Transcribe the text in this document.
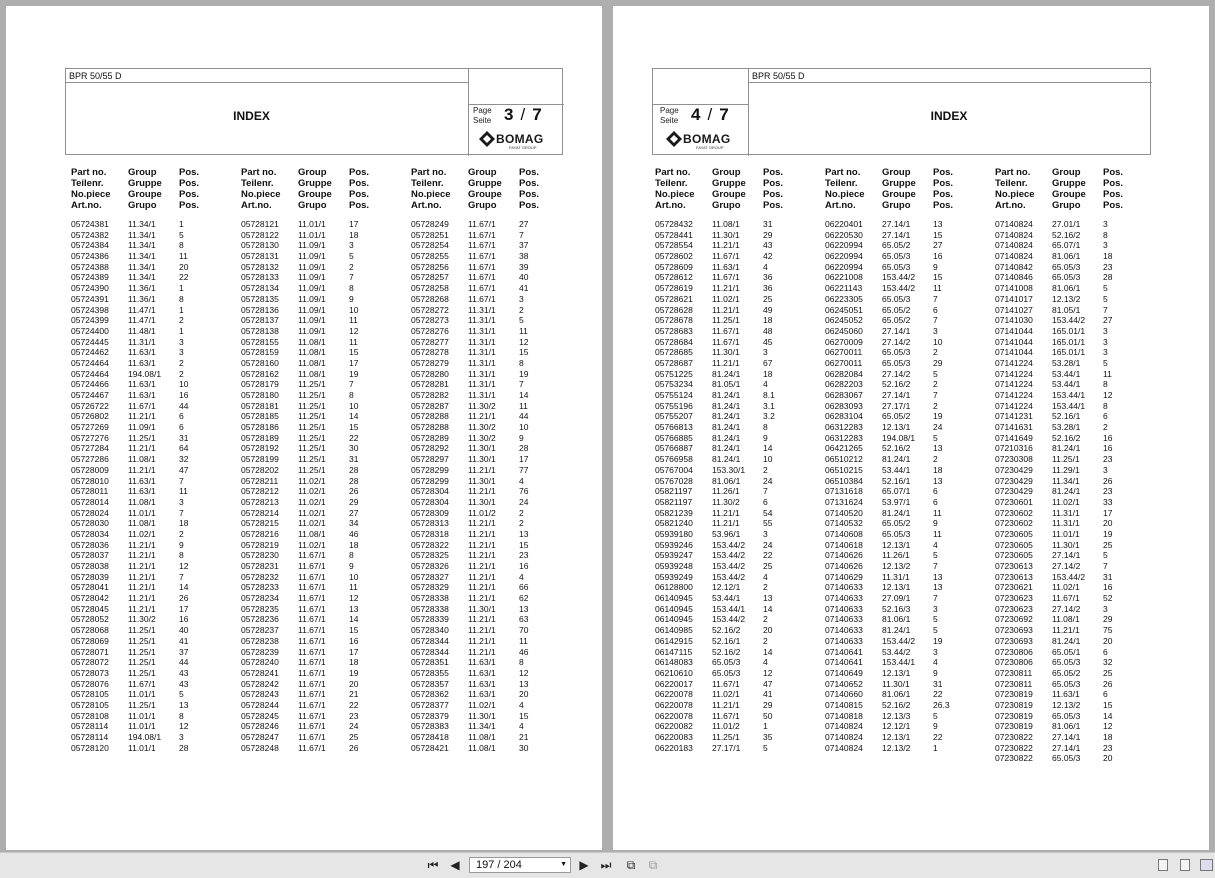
BPR 50/55 D
INDEX	Page
Seite 3 / 7
BOMAG
FAYAT GROUP
Part no.	Group	Pos.
Teilenr.	Gruppe	Pos.
No.piece	Groupe	Pos.
Art.no.	Grupo	Pos.
05724381	11.34/1	1
05724382	11.34/1	5
05724384	11.34/1	8
05724386	11.34/1	11
05724388	11.34/1	20
05724389	11.34/1	22
05724390	11.36/1	1
05724391	11.36/1	8
05724398	11.47/1	1
05724399	11.47/1	2
05724400	11.48/1	1
05724445	11.31/1	3
05724462	11.63/1	3
05724464	11.63/1	2
05724464	194.08/1	2
05724466	11.63/1	10
05724467	11.63/1	16
05726722	11.67/1	44
05726802	11.21/1	6
05727269	11.09/1	6
05727276	11.25/1	31
05727284	11.21/1	64
05727286	11.08/1	32
05728009	11.21/1	47
05728010	11.63/1	7
05728011	11.63/1	11
05728014	11.08/1	3
05728024	11.01/1	7
05728030	11.08/1	18
05728034	11.02/1	2
05728036	11.21/1	9
05728037	11.21/1	8
05728038	11.21/1	12
05728039	11.21/1	7
05728041	11.21/1	14
05728042	11.21/1	26
05728045	11.21/1	17
05728052	11.30/2	16
05728068	11.25/1	40
05728069	11.25/1	41
05728071	11.25/1	37
05728072	11.25/1	44
05728073	11.25/1	43
05728076	11.67/1	43
05728105	11.01/1	5
05728105	11.25/1	13
05728108	11.01/1	8
05728114	11.01/1	12
05728114	194.08/1	3
05728120	11.01/1	28
Part no.	Group	Pos.
Teilenr.	Gruppe	Pos.
No.piece	Groupe	Pos.
Art.no.	Grupo	Pos.
05728121	11.01/1	17
05728122	11.01/1	18
05728130	11.09/1	3
05728131	11.09/1	5
05728132	11.09/1	2
05728133	11.09/1	7
05728134	11.09/1	8
05728135	11.09/1	9
05728136	11.09/1	10
05728137	11.09/1	11
05728138	11.09/1	12
05728155	11.08/1	11
05728159	11.08/1	15
05728160	11.08/1	17
05728162	11.08/1	19
05728179	11.25/1	7
05728180	11.25/1	8
05728181	11.25/1	10
05728185	11.25/1	14
05728186	11.25/1	15
05728189	11.25/1	22
05728192	11.25/1	30
05728199	11.25/1	31
05728202	11.25/1	28
05728211	11.02/1	28
05728212	11.02/1	26
05728213	11.02/1	29
05728214	11.02/1	27
05728215	11.02/1	34
05728216	11.08/1	46
05728219	11.02/1	18
05728230	11.67/1	8
05728231	11.67/1	9
05728232	11.67/1	10
05728233	11.67/1	11
05728234	11.67/1	12
05728235	11.67/1	13
05728236	11.67/1	14
05728237	11.67/1	15
05728238	11.67/1	16
05728239	11.67/1	17
05728240	11.67/1	18
05728241	11.67/1	19
05728242	11.67/1	20
05728243	11.67/1	21
05728244	11.67/1	22
05728245	11.67/1	23
05728246	11.67/1	24
05728247	11.67/1	25
05728248	11.67/1	26
Part no.	Group	Pos.
Teilenr.	Gruppe	Pos.
No.piece	Groupe	Pos.
Art.no.	Grupo	Pos.
05728249	11.67/1	27
05728251	11.67/1	7
05728254	11.67/1	37
05728255	11.67/1	38
05728256	11.67/1	39
05728257	11.67/1	40
05728258	11.67/1	41
05728268	11.67/1	3
05728272	11.31/1	2
05728273	11.31/1	5
05728276	11.31/1	11
05728277	11.31/1	12
05728278	11.31/1	15
05728279	11.31/1	8
05728280	11.31/1	19
05728281	11.31/1	7
05728282	11.31/1	14
05728287	11.30/2	11
05728288	11.21/1	44
05728288	11.30/2	10
05728289	11.30/2	9
05728292	11.30/1	28
05728297	11.30/1	17
05728299	11.21/1	77
05728299	11.30/1	4
05728304	11.21/1	76
05728304	11.30/1	24
05728309	11.01/2	2
05728313	11.21/1	2
05728318	11.21/1	13
05728322	11.21/1	15
05728325	11.21/1	23
05728326	11.21/1	16
05728327	11.21/1	4
05728329	11.21/1	66
05728338	11.21/1	62
05728338	11.30/1	13
05728339	11.21/1	63
05728340	11.21/1	70
05728344	11.21/1	11
05728344	11.21/1	46
05728351	11.63/1	8
05728355	11.63/1	12
05728357	11.63/1	13
05728362	11.63/1	20
05728377	11.02/1	4
05728379	11.30/1	15
05728383	11.34/1	4
05728418	11.08/1	21
05728421	11.08/1	30
BPR 50/55 D
INDEX
Page
Seite 4 / 7
BOMAG
FAYAT GROUP
Part no.	Group	Pos.
Teilenr.	Gruppe	Pos.
No.piece	Groupe	Pos.
Art.no.	Grupo	Pos.
05728432	11.08/1	31
05728441	11.30/1	29
05728554	11.21/1	43
05728602	11.67/1	42
05728609	11.63/1	4
05728612	11.67/1	36
05728619	11.21/1	36
05728621	11.02/1	25
05728628	11.21/1	49
05728678	11.25/1	18
05728683	11.67/1	48
05728684	11.67/1	45
05728685	11.30/1	3
05728687	11.21/1	67
05751225	81.24/1	18
05753234	81.05/1	4
05755124	81.24/1	8.1
05755196	81.24/1	3.1
05755207	81.24/1	3.2
05766813	81.24/1	8
05766885	81.24/1	9
05766887	81.24/1	14
05766958	81.24/1	10
05767004	153.30/1	2
05767028	81.06/1	24
05821197	11.26/1	7
05821197	11.30/2	6
05821239	11.21/1	54
05821240	11.21/1	55
05939180	53.96/1	3
05939246	153.44/2	24
05939247	153.44/2	22
05939248	153.44/2	25
05939249	153.44/2	4
06128800	12.12/1	2
06140945	53.44/1	13
06140945	153.44/1	14
06140945	153.44/2	2
06140985	52.16/2	20
06142915	52.16/1	2
06147115	52.16/2	14
06148083	65.05/3	4
06210610	65.05/3	12
06220017	11.67/1	47
06220078	11.02/1	41
06220078	11.21/1	29
06220078	11.67/1	50
06220082	11.01/2	1
06220083	11.25/1	35
06220183	27.17/1	5
Part no.	Group	Pos.
Teilenr.	Gruppe	Pos.
No.piece	Groupe	Pos.
Art.no.	Grupo	Pos.
06220401	27.14/1	13
06220530	27.14/1	15
06220994	65.05/2	27
06220994	65.05/3	16
06220994	65.05/3	9
06221008	153.44/2	15
06221143	153.44/2	11
06223305	65.05/3	7
06245051	65.05/2	6
06245052	65.05/2	7
06245060	27.14/1	3
06270009	27.14/2	10
06270011	65.05/3	2
06270011	65.05/3	29
06282084	27.14/2	5
06282203	52.16/2	2
06283067	27.14/1	7
06283093	27.17/1	2
06283104	65.05/2	19
06312283	12.13/1	24
06312283	194.08/1	5
06421265	52.16/2	13
06510212	81.24/1	2
06510215	53.44/1	18
06510384	52.16/1	13
07131618	65.07/1	6
07131624	53.97/1	6
07140520	81.24/1	11
07140532	65.05/2	9
07140608	65.05/3	11
07140618	12.13/1	4
07140626	11.26/1	5
07140626	12.13/2	7
07140629	11.31/1	13
07140633	12.13/1	13
07140633	27.09/1	7
07140633	52.16/3	3
07140633	81.06/1	5
07140633	81.24/1	5
07140633	153.44/2	19
07140641	53.44/2	3
07140641	153.44/1	4
07140649	12.13/1	9
07140652	11.30/1	31
07140660	81.06/1	22
07140815	52.16/2	26.3
07140818	12.13/3	5
07140824	12.12/1	9
07140824	12.13/1	22
07140824	12.13/2	1
Part no.	Group	Pos.
Teilenr.	Gruppe	Pos.
No.piece	Groupe	Pos.
Art.no.	Grupo	Pos.
07140824	27.01/1	3
07140824	52.16/2	8
07140824	65.07/1	3
07140824	81.06/1	18
07140842	65.05/3	23
07140846	65.05/3	28
07141008	81.06/1	5
07141017	12.13/2	5
07141027	81.05/1	7
07141030	153.44/2	27
07141044	165.01/1	3
07141044	165.01/1	3
07141044	165.01/1	3
07141224	53.28/1	5
07141224	53.44/1	11
07141224	53.44/1	8
07141224	153.44/1	12
07141224	153.44/1	8
07141231	52.16/1	6
07141631	53.28/1	2
07141649	52.16/2	16
07210316	81.24/1	16
07230308	11.25/1	23
07230429	11.29/1	3
07230429	11.34/1	26
07230429	81.24/1	23
07230601	11.02/1	33
07230602	11.31/1	17
07230602	11.31/1	20
07230605	11.01/1	19
07230605	11.30/1	25
07230605	27.14/1	5
07230613	27.14/2	7
07230613	153.44/2	31
07230621	11.02/1	16
07230623	11.67/1	52
07230623	27.14/2	3
07230692	11.08/1	29
07230693	11.21/1	75
07230693	81.24/1	20
07230806	65.05/1	6
07230806	65.05/3	32
07230811	65.05/2	25
07230811	65.05/3	26
07230819	11.63/1	6
07230819	12.13/2	15
07230819	65.05/3	14
07230819	81.06/1	12
07230822	27.14/1	18
07230822	27.14/1	23
07230822	65.05/3	20
⏮ ◀	197 / 204	▼ ▶ ⏭ ⧉ ⧉
